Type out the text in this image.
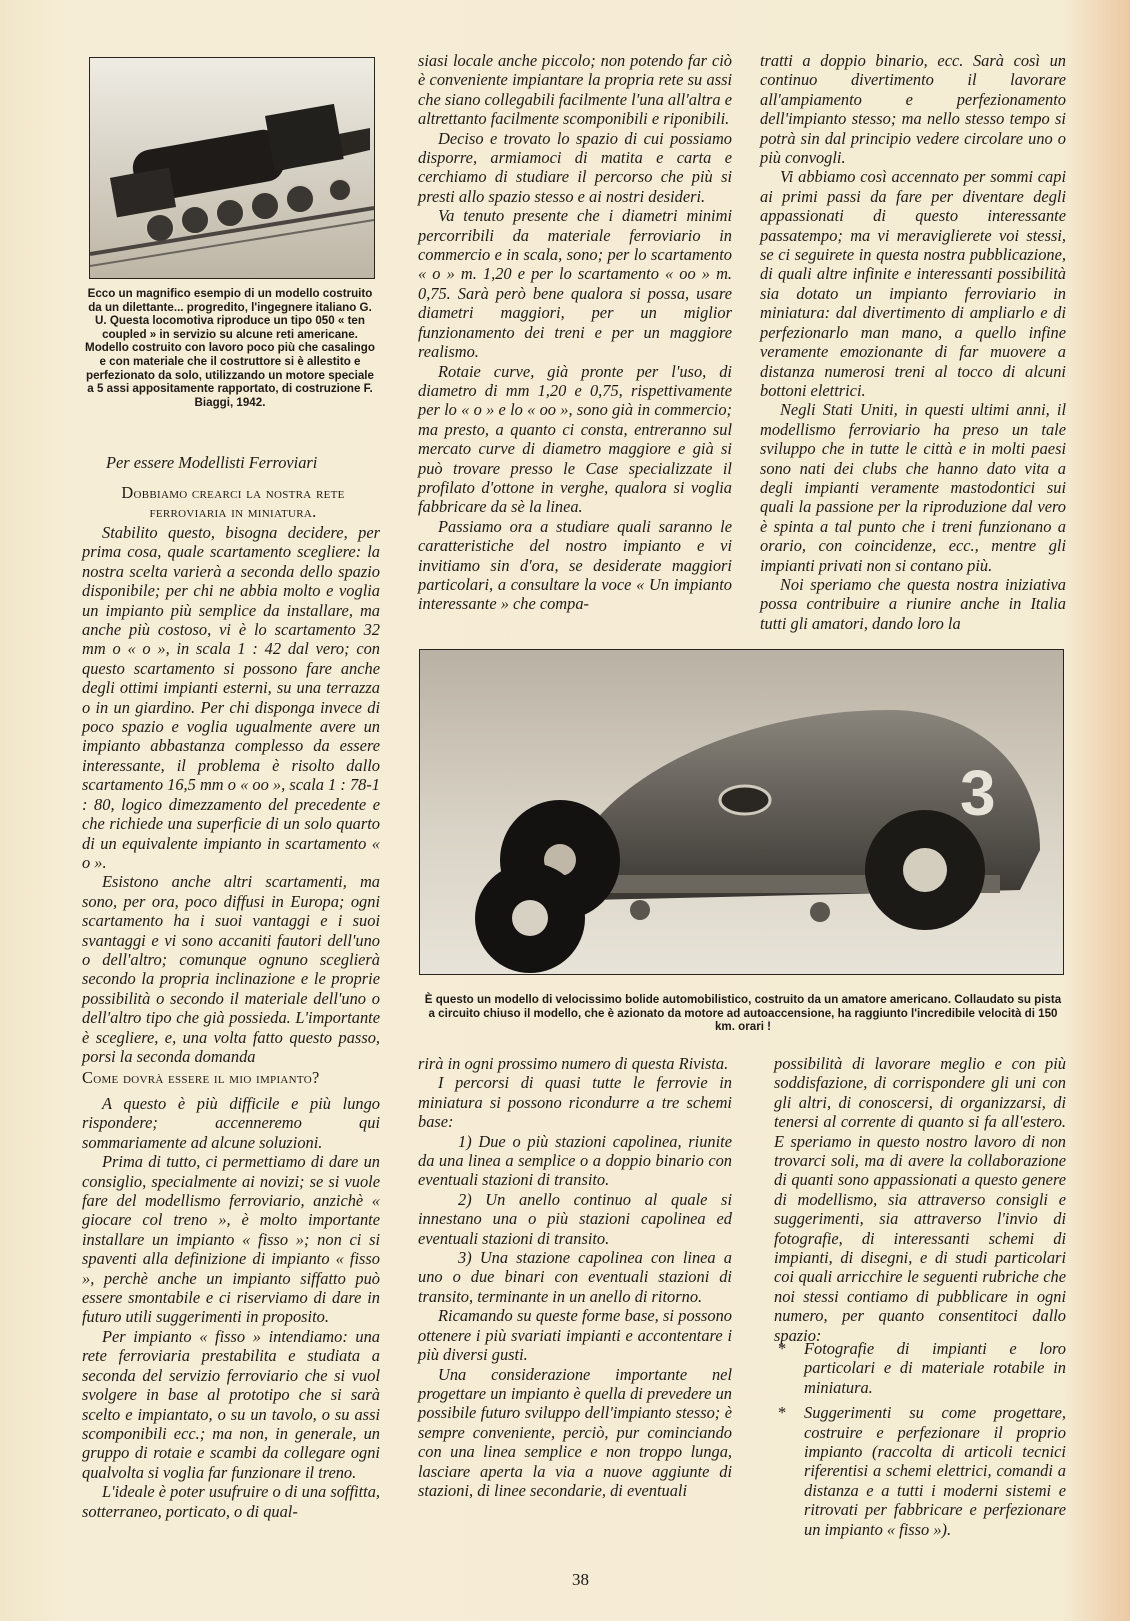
Ecco un magnifico esempio di un modello costruito da un dilettante... progredito, l'ingegnere italiano G. U. Questa locomotiva riproduce un tipo 050 « ten coupled » in servizio su alcune reti americane. Modello costruito con lavoro poco più che casalingo e con materiale che il costruttore si è allestito e perfezionato da solo, utilizzando un motore speciale a 5 assi appositamente rapportato, di costruzione F. Biaggi, 1942.
Per essere Modellisti Ferroviari
Dobbiamo crearci la nostra rete ferroviaria in miniatura.

Stabilito questo, bisogna decidere, per prima cosa, quale scartamento scegliere: la nostra scelta varierà a seconda dello spazio disponibile; per chi ne abbia molto e voglia un impianto più semplice da installare, ma anche più costoso, vi è lo scartamento 32 mm o « o », in scala 1 : 42 dal vero; con questo scartamento si possono fare anche degli ottimi impianti esterni, su una terrazza o in un giardino. Per chi disponga invece di poco spazio e voglia ugualmente avere un impianto abbastanza complesso da essere interessante, il problema è risolto dallo scartamento 16,5 mm o « oo », scala 1 : 78-1 : 80, logico dimezzamento del precedente e che richiede una superficie di un solo quarto di un equivalente impianto in scartamento « o ».

Esistono anche altri scartamenti, ma sono, per ora, poco diffusi in Europa; ogni scartamento ha i suoi vantaggi e i suoi svantaggi e vi sono accaniti fautori dell'uno o dell'altro; comunque ognuno sceglierà secondo la propria inclinazione e le proprie possibilità o secondo il materiale dell'uno o dell'altro tipo che già possieda. L'importante è scegliere, e, una volta fatto questo passo, porsi la seconda domanda

siasi locale anche piccolo; non potendo far ciò è conveniente impiantare la propria rete su assi che siano collegabili facilmente l'una all'altra e altrettanto facilmente scomponibili e riponibili.

Deciso e trovato lo spazio di cui possiamo disporre, armiamoci di matita e carta e cerchiamo di studiare il percorso che più si presti allo spazio stesso e ai nostri desideri.

Va tenuto presente che i diametri minimi percorribili da materiale ferroviario in commercio e in scala, sono; per lo scartamento « o » m. 1,20 e per lo scartamento « oo » m. 0,75. Sarà però bene qualora si possa, usare diametri maggiori, per un miglior funzionamento dei treni e per un maggiore realismo.

Rotaie curve, già pronte per l'uso, di diametro di mm 1,20 e 0,75, rispettivamente per lo « o » e lo « oo », sono già in commercio; ma presto, a quanto ci consta, entreranno sul mercato curve di diametro maggiore e già si può trovare presso le Case specializzate il profilato d'ottone in verghe, qualora si voglia fabbricare da sè la linea.

Passiamo ora a studiare quali saranno le caratteristiche del nostro impianto e vi invitiamo sin d'ora, se desiderate maggiori particolari, a consultare la voce « Un impianto interessante » che compa-

tratti a doppio binario, ecc. Sarà così un continuo divertimento il lavorare all'ampiamento e perfezionamento dell'impianto stesso; ma nello stesso tempo si potrà sin dal principio vedere circolare uno o più convogli.

Vi abbiamo così accennato per sommi capi ai primi passi da fare per diventare degli appassionati di questo interessante passatempo; ma vi meraviglierete voi stessi, se ci seguirete in questa nostra pubblicazione, di quali altre infinite e interessanti possibilità sia dotato un impianto ferroviario in miniatura: dal divertimento di ampliarlo e di perfezionarlo man mano, a quello infine veramente emozionante di far muovere a distanza numerosi treni al tocco di alcuni bottoni elettrici.

Negli Stati Uniti, in questi ultimi anni, il modellismo ferroviario ha preso un tale sviluppo che in tutte le città e in molti paesi sono nati dei clubs che hanno dato vita a degli impianti veramente mastodontici sui quali la passione per la riproduzione dal vero è spinta a tal punto che i treni funzionano a orario, con coincidenze, ecc., mentre gli impianti privati non si contano più.

Noi speriamo che questa nostra iniziativa possa contribuire a riunire anche in Italia tutti gli amatori, dando loro la

3
È questo un modello di velocissimo bolide automobilistico, costruito da un amatore americano. Collaudato su pista a circuito chiuso il modello, che è azionato da motore ad autoaccensione, ha raggiunto l'incredibile velocità di 150 km. orari !
Come dovrà essere il mio impianto?

A questo è più difficile e più lungo rispondere; accenneremo qui sommariamente ad alcune soluzioni.

Prima di tutto, ci permettiamo di dare un consiglio, specialmente ai novizi; se si vuole fare del modellismo ferroviario, anzichè « giocare col treno », è molto importante installare un impianto « fisso »; non ci si spaventi alla definizione di impianto « fisso », perchè anche un impianto siffatto può essere smontabile e ci riserviamo di dare in futuro utili suggerimenti in proposito.

Per impianto « fisso » intendiamo: una rete ferroviaria prestabilita e studiata a seconda del servizio ferroviario che si vuol svolgere in base al prototipo che si sarà scelto e impiantato, o su un tavolo, o su assi scomponibili ecc.; ma non, in generale, un gruppo di rotaie e scambi da collegare ogni qualvolta si voglia far funzionare il treno.

L'ideale è poter usufruire o di una soffitta, sotterraneo, porticato, o di qual-

rirà in ogni prossimo numero di questa Rivista.

I percorsi di quasi tutte le ferrovie in miniatura si possono ricondurre a tre schemi base:

1) Due o più stazioni capolinea, riunite da una linea a semplice o a doppio binario con eventuali stazioni di transito.

2) Un anello continuo al quale si innestano una o più stazioni capolinea ed eventuali stazioni di transito.

3) Una stazione capolinea con linea a uno o due binari con eventuali stazioni di transito, terminante in un anello di ritorno.

Ricamando su queste forme base, si possono ottenere i più svariati impianti e accontentare i più diversi gusti.

Una considerazione importante nel progettare un impianto è quella di prevedere un possibile futuro sviluppo dell'impianto stesso; è sempre conveniente, perciò, pur cominciando con una linea semplice e non troppo lunga, lasciare aperta la via a nuove aggiunte di stazioni, di linee secondarie, di eventuali

possibilità di lavorare meglio e con più soddisfazione, di corrispondere gli uni con gli altri, di conoscersi, di organizzarsi, di tenersi al corrente di quanto si fa all'estero. E speriamo in questo nostro lavoro di non trovarci soli, ma di avere la collaborazione di quanti sono appassionati a questo genere di modellismo, sia attraverso consigli e suggerimenti, sia attraverso l'invio di fotografie, di interessanti schemi di impianti, di disegni, e di studi particolari coi quali arricchire le seguenti rubriche che noi stessi contiamo di pubblicare in ogni numero, per quanto consentitoci dallo spazio:

* Fotografie di impianti e loro particolari e di materiale rotabile in miniatura.

* Suggerimenti su come progettare, costruire e perfezionare il proprio impianto (raccolta di articoli tecnici riferentisi a schemi elettrici, comandi a distanza e a tutti i moderni sistemi e ritrovati per fabbricare e perfezionare un impianto « fisso »).

38
